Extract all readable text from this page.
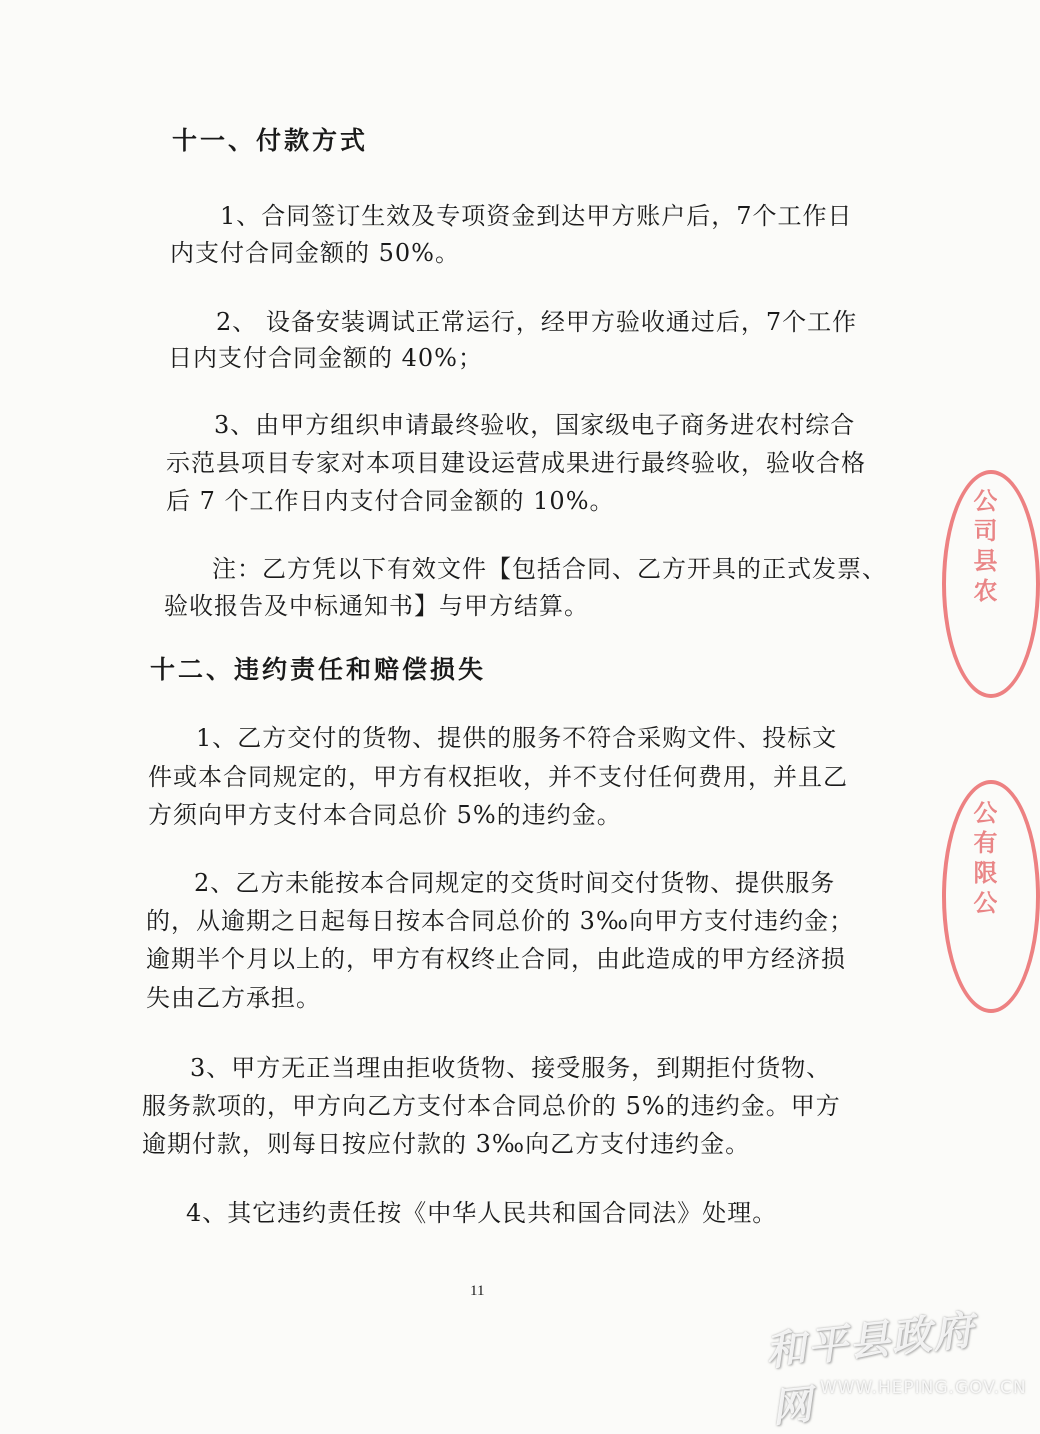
十一、付款方式
1、合同签订生效及专项资金到达甲方账户后，7个工作日
内支付合同金额的 50%。
2、 设备安装调试正常运行，经甲方验收通过后，7个工作
日内支付合同金额的 40%；
3、由甲方组织申请最终验收，国家级电子商务进农村综合
示范县项目专家对本项目建设运营成果进行最终验收，验收合格
后 7 个工作日内支付合同金额的 10%。
注：乙方凭以下有效文件【包括合同、乙方开具的正式发票、
验收报告及中标通知书】与甲方结算。
十二、违约责任和赔偿损失
1、乙方交付的货物、提供的服务不符合采购文件、投标文
件或本合同规定的，甲方有权拒收，并不支付任何费用，并且乙
方须向甲方支付本合同总价 5%的违约金。
2、乙方未能按本合同规定的交货时间交付货物、提供服务
的，从逾期之日起每日按本合同总价的 3‰向甲方支付违约金；
逾期半个月以上的，甲方有权终止合同，由此造成的甲方经济损
失由乙方承担。
3、甲方无正当理由拒收货物、接受服务，到期拒付货物、
服务款项的，甲方向乙方支付本合同总价的 5%的违约金。甲方
逾期付款，则每日按应付款的 3‰向乙方支付违约金。
4、其它违约责任按《中华人民共和国合同法》处理。
11
公司县农
公有限公
和平县政府网 WWW.HEPING.GOV.CN
